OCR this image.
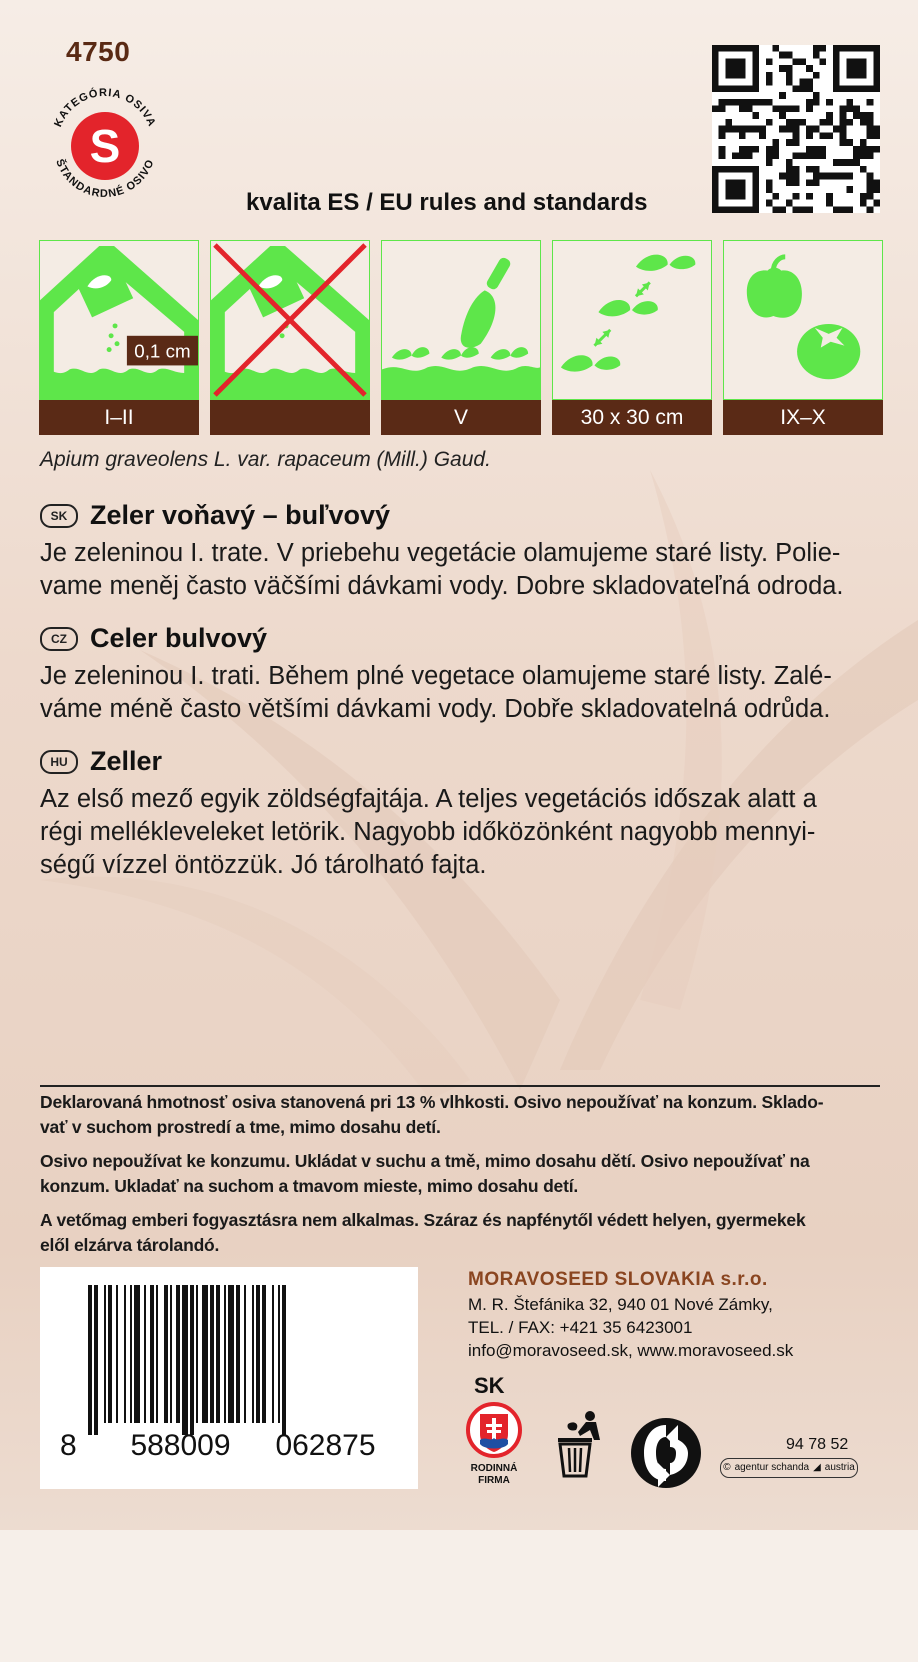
4750
S
KATEGÓRIA OSIVA
ŠTANDARDNÉ OSIVO
kvalita ES / EU rules and standards
0,1 cm
I–II	V	30 x 30 cm	IX–X
Apium graveolens L. var. rapaceum (Mill.) Gaud.
SK Zeler voňavý – buľvový
Je zeleninou I. trate. V priebehu vegetácie olamujeme staré listy. Polie-
vame meněj často väčšími dávkami vody. Dobre skladovateľná odroda.
CZ Celer bulvový
Je zeleninou I. trati. Během plné vegetace olamujeme staré listy. Zalé-
váme méně často většími dávkami vody. Dobře skladovatelná odrůda.
HU Zeller
Az első mező egyik zöldségfajtája. A teljes vegetációs időszak alatt a
régi mellékleveleket letörik. Nagyobb időközönként nagyobb mennyi-
ségű vízzel öntözzük. Jó tárolható fajta.
Deklarovaná hmotnosť osiva stanovená pri 13 % vlhkosti. Osivo nepoužívať na konzum. Sklado-
vať v suchom prostredí a tme, mimo dosahu detí.
Osivo nepoužívat ke konzumu. Ukládat v suchu a tmě, mimo dosahu dětí. Osivo nepoužívať na
konzum. Ukladať na suchom a tmavom mieste, mimo dosahu detí.
A vetőmag emberi fogyasztásra nem alkalmas. Száraz és napfénytől védett helyen, gyermekek
elől elzárva tárolandó.
8	588009	062875
MORAVOSEED SLOVAKIA s.r.o.
M. R. Štefánika 32, 940 01 Nové Zámky,
TEL. / FAX: +421 35 6423001
info@moravoseed.sk, www.moravoseed.sk
SK
RODINNÁ
FIRMA
94 78 52
© agentur schanda ◢ austria
